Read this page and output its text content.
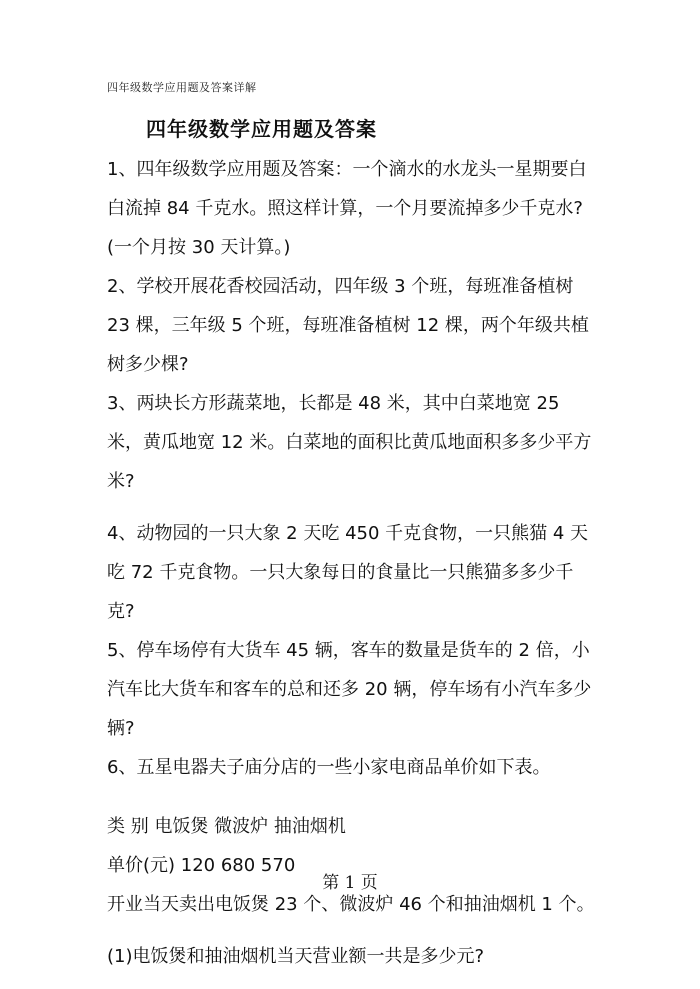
四年级数学应用题及答案详解
四年级数学应用题及答案

1、四年级数学应用题及答案：一个滴水的水龙头一星期要白白流掉 84 千克水。照这样计算，一个月要流掉多少千克水?(一个月按 30 天计算。)

2、学校开展花香校园活动，四年级 3 个班，每班准备植树 23 棵，三年级 5 个班，每班准备植树 12 棵，两个年级共植树多少棵?

3、两块长方形蔬菜地，长都是 48 米，其中白菜地宽 25 米，黄瓜地宽 12 米。白菜地的面积比黄瓜地面积多多少平方米?

4、动物园的一只大象 2 天吃 450 千克食物，一只熊猫 4 天吃 72 千克食物。一只大象每日的食量比一只熊猫多多少千克?

5、停车场停有大货车 45 辆，客车的数量是货车的 2 倍，小汽车比大货车和客车的总和还多 20 辆，停车场有小汽车多少辆?

6、五星电器夫子庙分店的一些小家电商品单价如下表。

类 别 电饭煲 微波炉 抽油烟机

单价(元) 120 680 570

开业当天卖出电饭煲 23 个、微波炉 46 个和抽油烟机 1 个。

(1)电饭煲和抽油烟机当天营业额一共是多少元?

第 1 页
